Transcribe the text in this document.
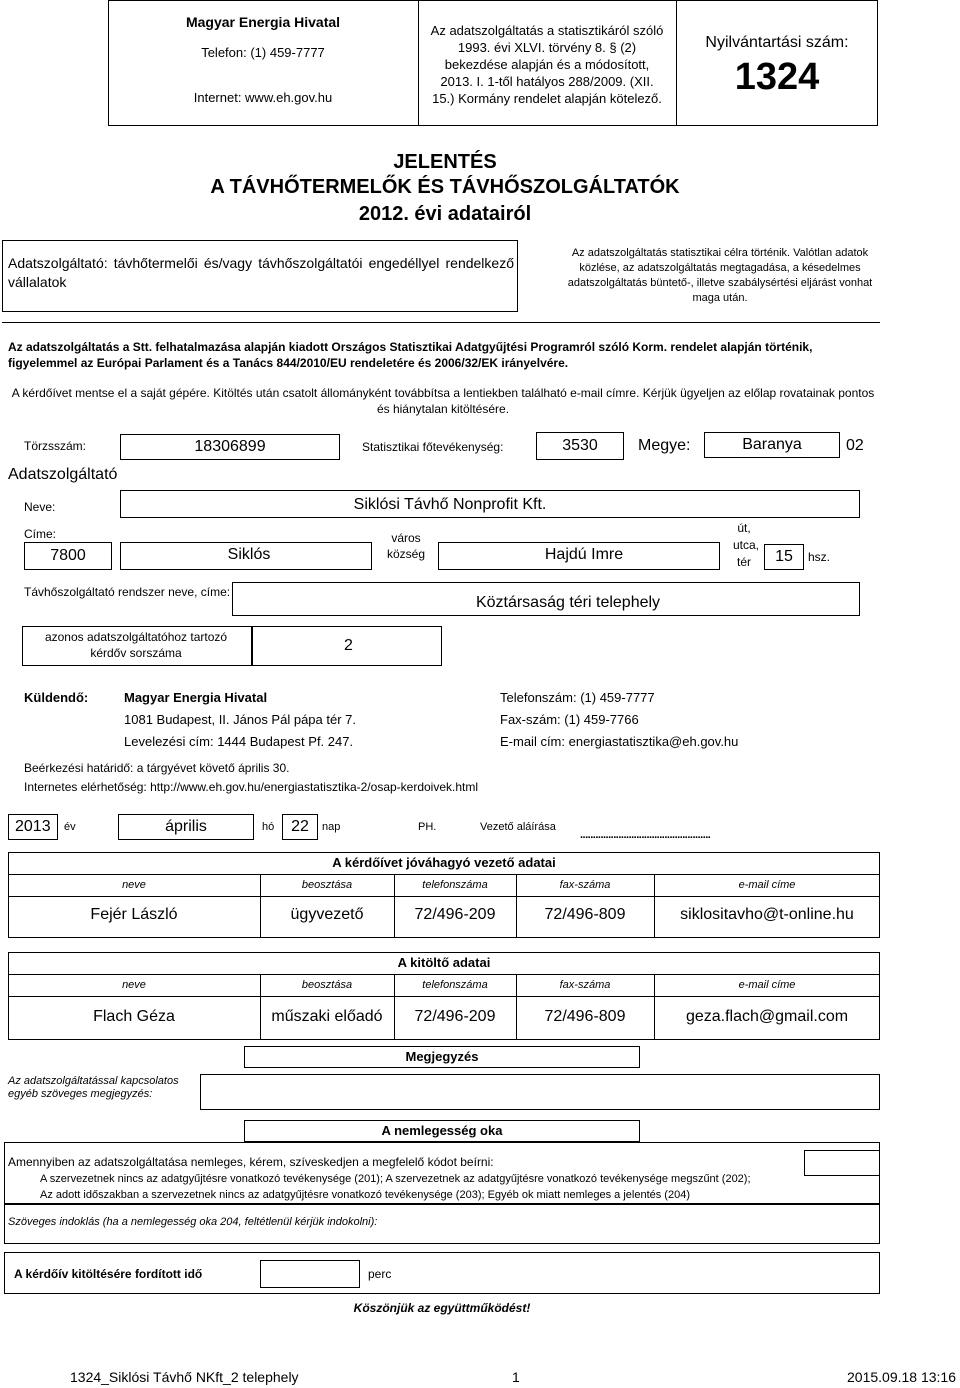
Magyar Energia Hivatal
Telefon: (1) 459-7777
Internet: www.eh.gov.hu
Az adatszolgáltatás a statisztikáról szóló
1993. évi XLVI. törvény 8. § (2)
bekezdése alapján és a módosított,
2013. I. 1-től hatályos 288/2009. (XII.
15.) Kormány rendelet alapján kötelező.
Nyilvántartási szám:
1324
JELENTÉS
A TÁVHŐTERMELŐK ÉS TÁVHŐSZOLGÁLTATÓK
2012. évi adatairól
Adatszolgáltató: távhőtermelői és/vagy távhőszolgáltatói engedéllyel rendelkező vállalatok
Az adatszolgáltatás statisztikai célra történik. Valótlan adatok közlése, az adatszolgáltatás megtagadása, a késedelmes adatszolgáltatás büntető-, illetve szabálysértési eljárást vonhat maga után.
Az adatszolgáltatás a Stt. felhatalmazása alapján kiadott Országos Statisztikai Adatgyűjtési Programról szóló Korm. rendelet alapján történik, figyelemmel az Európai Parlament és a Tanács 844/2010/EU rendeletére és 2006/32/EK irányelvére.
A kérdőívet mentse el a saját gépére. Kitöltés után csatolt állományként továbbítsa a lentiekben található e-mail címre. Kérjük ügyeljen az előlap rovatainak pontos és hiánytalan kitöltésére.
Törzsszám:	18306899	Statisztikai főtevékenység:	3530	Megye:	Baranya	02
Adatszolgáltató
Neve:	Siklósi Távhő Nonprofit Kft.
Címe:
7800	Siklós
város
község	Hajdú Imre
út,
utca,
tér	15	hsz.
Távhőszolgáltató rendszer neve, címe:
Köztársaság téri telephely
azonos adatszolgáltatóhoz tartozó kérdőv sorszáma	2
Küldendő:	Magyar Energia Hivatal
1081 Budapest, II. János Pál pápa tér 7.
Levelezési cím: 1444 Budapest Pf. 247.
Telefonszám: (1) 459-7777
Fax-szám: (1) 459-7766
E-mail cím: energiastatisztika@eh.gov.hu
Beérkezési határidő: a tárgyévet követő április 30.
Internetes elérhetőség: http://www.eh.gov.hu/energiastatisztika-2/osap-kerdoivek.html
2013	év	április	hó	22	nap	PH.	Vezető aláírása
...................................................
A kérdőívet jóváhagyó vezető adatai
neve	beosztása	telefonszáma	fax-száma	e-mail címe
Fejér László	ügyvezető	72/496-209	72/496-809	siklositavho@t-online.hu
A kitöltő adatai
neve	beosztása	telefonszáma	fax-száma	e-mail címe
Flach Géza	műszaki előadó	72/496-209	72/496-809	geza.flach@gmail.com
Megjegyzés
Az adatszolgáltatással kapcsolatos egyéb szöveges megjegyzés:
A nemlegesség oka
Amennyiben az adatszolgáltatása nemleges, kérem, szíveskedjen a megfelelő kódot beírni:
A szervezetnek nincs az adatgyűjtésre vonatkozó tevékenysége (201); A szervezetnek az adatgyűjtésre vonatkozó tevékenysége megszűnt (202);
Az adott időszakban a szervezetnek nincs az adatgyűjtésre vonatkozó tevékenysége (203); Egyéb ok miatt nemleges a jelentés (204)
Szöveges indoklás (ha a nemlegesség oka 204, feltétlenül kérjük indokolni):
A kérdőív kitöltésére fordított idő	perc
Köszönjük az együttműködést!
1324_Siklósi Távhő NKft_2 telephely	1	2015.09.18 13:16
